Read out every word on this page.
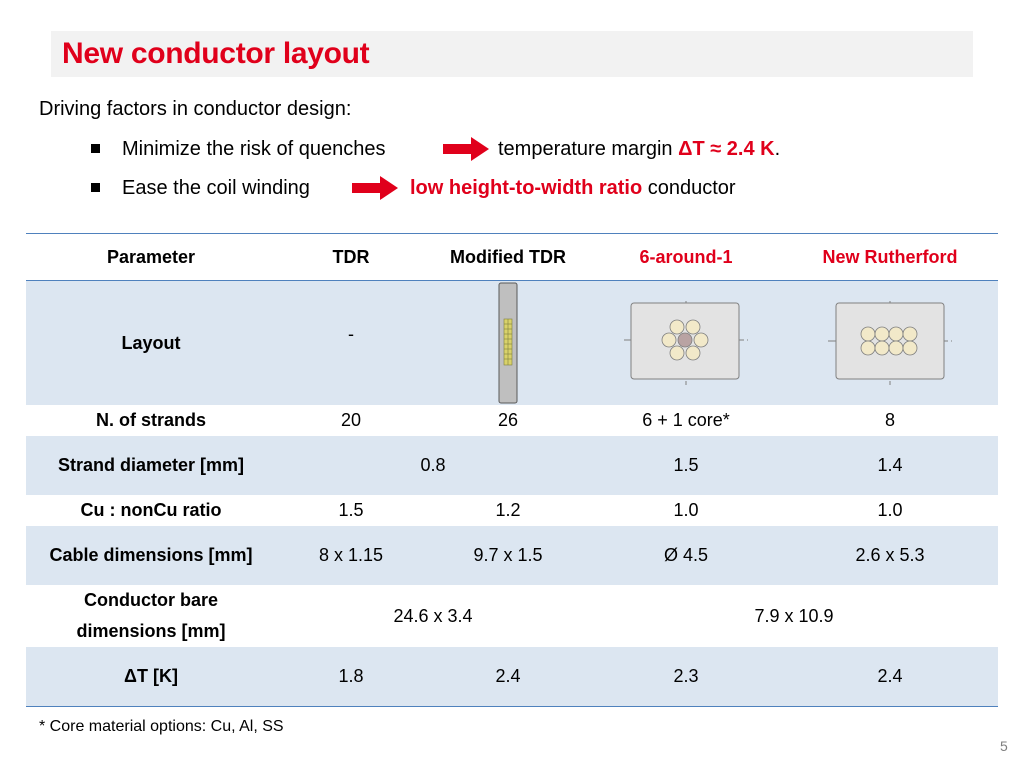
New conductor layout
Driving factors in conductor design:
Minimize the risk of quenches	temperature margin ΔT ≈ 2.4 K.
Ease the coil winding	low height-to-width ratio conductor
Parameter	TDR	Modified TDR	6-around-1	New Rutherford
Layout	-

N. of strands	20	26	6 + 1 core*	8
Strand diameter [mm]	0.8		1.5	1.4
Cu : nonCu ratio	1.5	1.2	1.0	1.0
Cable dimensions [mm]	8 x 1.15	9.7 x 1.5	Ø 4.5	2.6 x 5.3
Conductor bare dimensions [mm]	24.6 x 3.4		7.9 x 10.9	
ΔT [K]	1.8	2.4	2.3	2.4
* Core material options: Cu, Al, SS
5
